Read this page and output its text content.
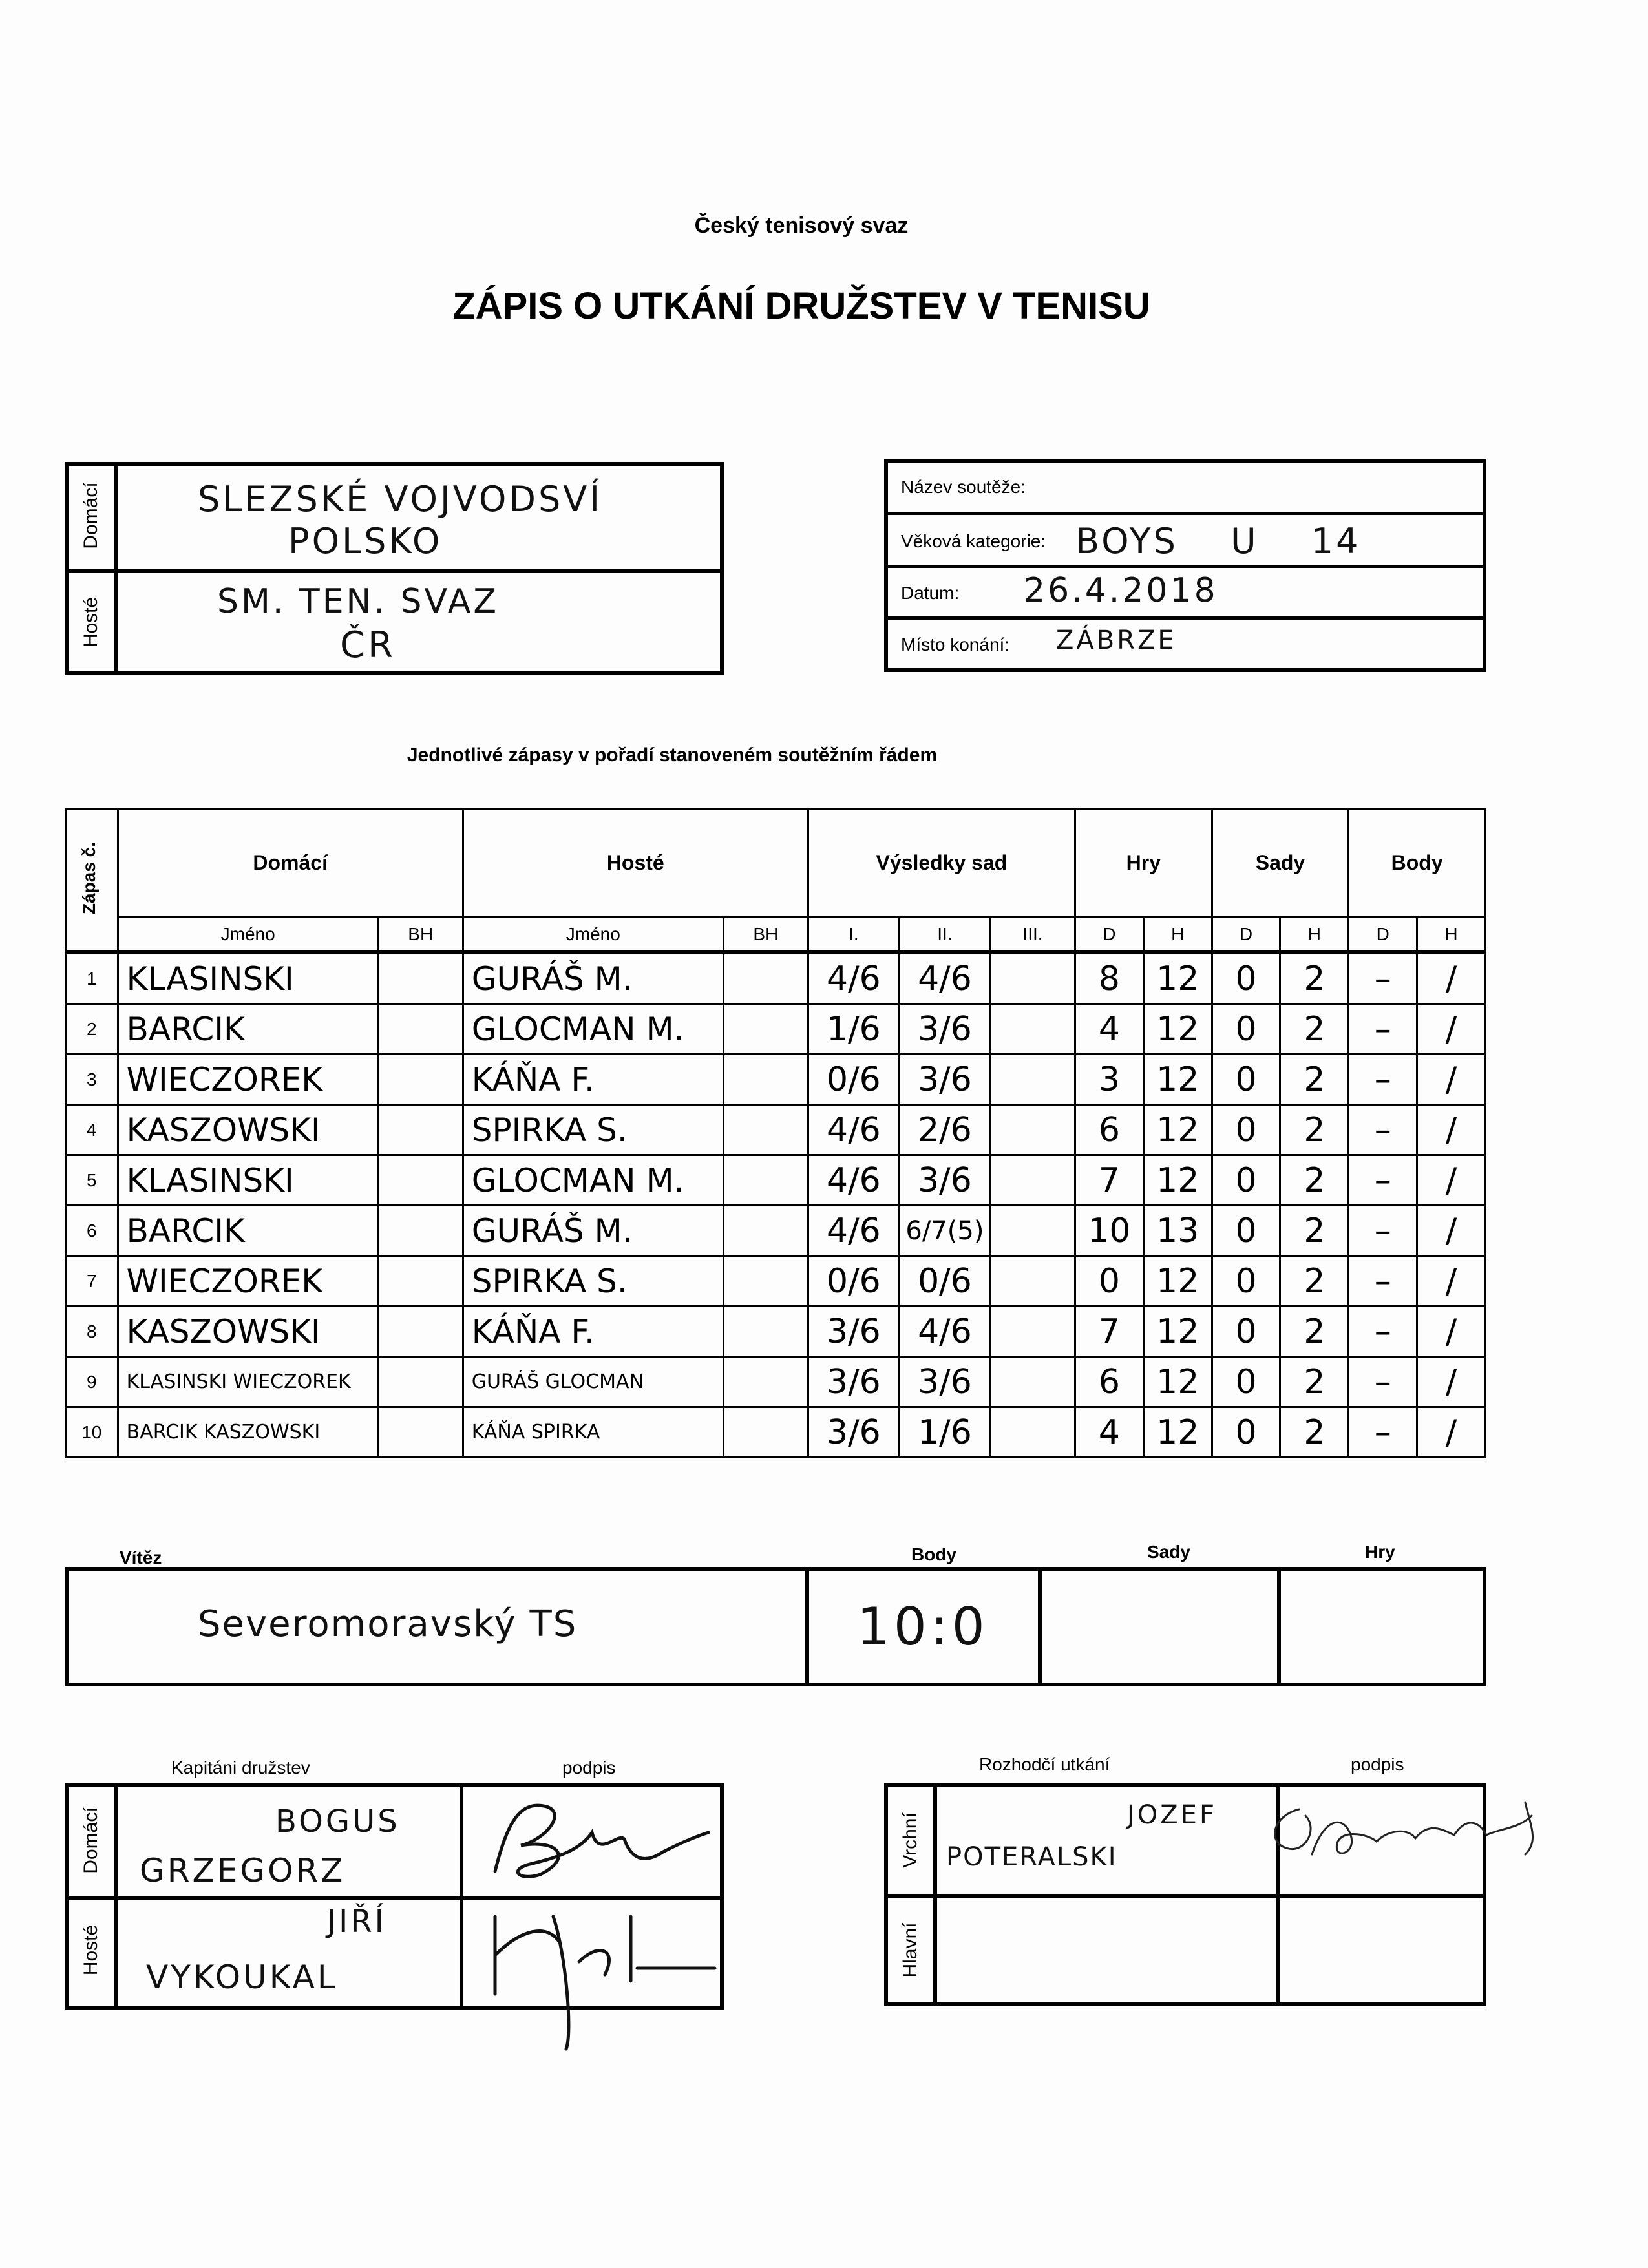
Český tenisový svaz
ZÁPIS O UTKÁNÍ DRUŽSTEV V TENISU
Domácí
Hosté
SLEZSKÉ VOJVODSVÍ
POLSKO
SM. TEN. SVAZ
ČR
Název soutěže:
Věková kategorie: BOYS U 14
Datum: 26.4.2018
Místo konání: ZÁBRZE
Jednotlivé zápasy v pořadí stanoveném soutěžním řádem
Zápas č.	Domácí		Hosté		Výsledky sad			Hry		Sady		Body	
	Jméno	BH	Jméno	BH	I.	II.	III.	D	H	D	H	D	H
1	KLASINSKI		GURÁŠ M.		4/6	4/6		8	12	0	2	–	/
2	BARCIK		GLOCMAN M.		1/6	3/6		4	12	0	2	–	/
3	WIECZOREK		KÁŇA F.		0/6	3/6		3	12	0	2	–	/
4	KASZOWSKI		SPIRKA S.		4/6	2/6		6	12	0	2	–	/
5	KLASINSKI		GLOCMAN M.		4/6	3/6		7	12	0	2	–	/
6	BARCIK		GURÁŠ M.		4/6	6/7(5)		10	13	0	2	–	/
7	WIECZOREK		SPIRKA S.		0/6	0/6		0	12	0	2	–	/
8	KASZOWSKI		KÁŇA F.		3/6	4/6		7	12	0	2	–	/
9	KLASINSKI WIECZOREK		GURÁŠ GLOCMAN		3/6	3/6		6	12	0	2	–	/
10	BARCIK KASZOWSKI		KÁŇA SPIRKA		3/6	1/6		4	12	0	2	–	/
Vítěz	Body	Sady	Hry
Severomoravský TS	10:0
Kapitáni družstev	podpis
Domácí
Hosté
BOGUS
GRZEGORZ
JIŘÍ
VYKOUKAL
Rozhodčí utkání	podpis
Vrchní
Hlavní
JOZEF
POTERALSKI
